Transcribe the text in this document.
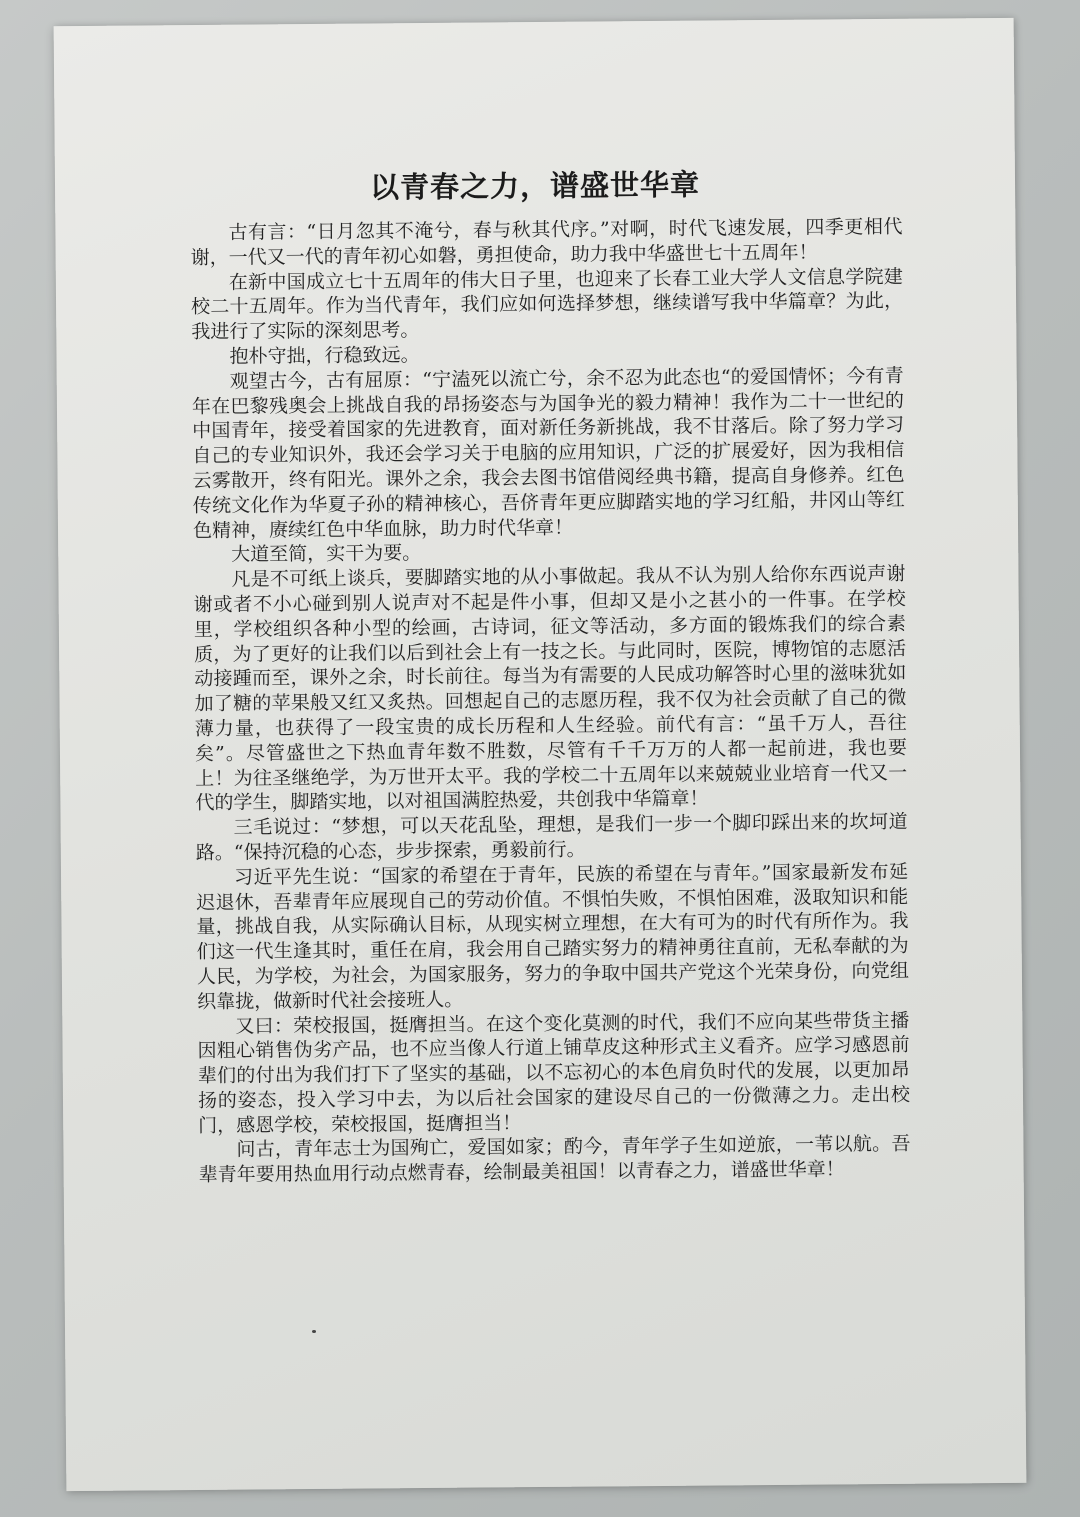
以青春之力，谱盛世华章

古有言：“日月忽其不淹兮，春与秋其代序。”对啊，时代飞速发展，四季更相代谢，一代又一代的青年初心如磐，勇担使命，助力我中华盛世七十五周年！

在新中国成立七十五周年的伟大日子里，也迎来了长春工业大学人文信息学院建校二十五周年。作为当代青年，我们应如何选择梦想，继续谱写我中华篇章？为此，我进行了实际的深刻思考。

抱朴守拙，行稳致远。

观望古今，古有屈原：“宁溘死以流亡兮，余不忍为此态也“的爱国情怀；今有青年在巴黎残奥会上挑战自我的昂扬姿态与为国争光的毅力精神！我作为二十一世纪的中国青年，接受着国家的先进教育，面对新任务新挑战，我不甘落后。除了努力学习自己的专业知识外，我还会学习关于电脑的应用知识，广泛的扩展爱好，因为我相信云雾散开，终有阳光。课外之余，我会去图书馆借阅经典书籍，提高自身修养。红色传统文化作为华夏子孙的精神核心，吾侪青年更应脚踏实地的学习红船，井冈山等红色精神，赓续红色中华血脉，助力时代华章！

大道至简，实干为要。

凡是不可纸上谈兵，要脚踏实地的从小事做起。我从不认为别人给你东西说声谢谢或者不小心碰到别人说声对不起是件小事，但却又是小之甚小的一件事。在学校里，学校组织各种小型的绘画，古诗词，征文等活动，多方面的锻炼我们的综合素质，为了更好的让我们以后到社会上有一技之长。与此同时，医院，博物馆的志愿活动接踵而至，课外之余，时长前往。每当为有需要的人民成功解答时心里的滋味犹如加了糖的苹果般又红又炙热。回想起自己的志愿历程，我不仅为社会贡献了自己的微薄力量，也获得了一段宝贵的成长历程和人生经验。前代有言：“虽千万人，吾往矣”。尽管盛世之下热血青年数不胜数，尽管有千千万万的人都一起前进，我也要上！为往圣继绝学，为万世开太平。我的学校二十五周年以来兢兢业业培育一代又一代的学生，脚踏实地，以对祖国满腔热爱，共创我中华篇章！

三毛说过：“梦想，可以天花乱坠，理想，是我们一步一个脚印踩出来的坎坷道路。“保持沉稳的心态，步步探索，勇毅前行。

习近平先生说：“国家的希望在于青年，民族的希望在与青年。”国家最新发布延迟退休，吾辈青年应展现自己的劳动价值。不惧怕失败，不惧怕困难，汲取知识和能量，挑战自我，从实际确认目标，从现实树立理想，在大有可为的时代有所作为。我们这一代生逢其时，重任在肩，我会用自己踏实努力的精神勇往直前，无私奉献的为人民，为学校，为社会，为国家服务，努力的争取中国共产党这个光荣身份，向党组织靠拢，做新时代社会接班人。

又曰：荣校报国，挺膺担当。在这个变化莫测的时代，我们不应向某些带货主播因粗心销售伪劣产品，也不应当像人行道上铺草皮这种形式主义看齐。应学习感恩前辈们的付出为我们打下了坚实的基础，以不忘初心的本色肩负时代的发展，以更加昂扬的姿态，投入学习中去，为以后社会国家的建设尽自己的一份微薄之力。走出校门，感恩学校，荣校报国，挺膺担当！

问古，青年志士为国殉亡，爱国如家；酌今，青年学子生如逆旅，一苇以航。吾辈青年要用热血用行动点燃青春，绘制最美祖国！以青春之力，谱盛世华章！
